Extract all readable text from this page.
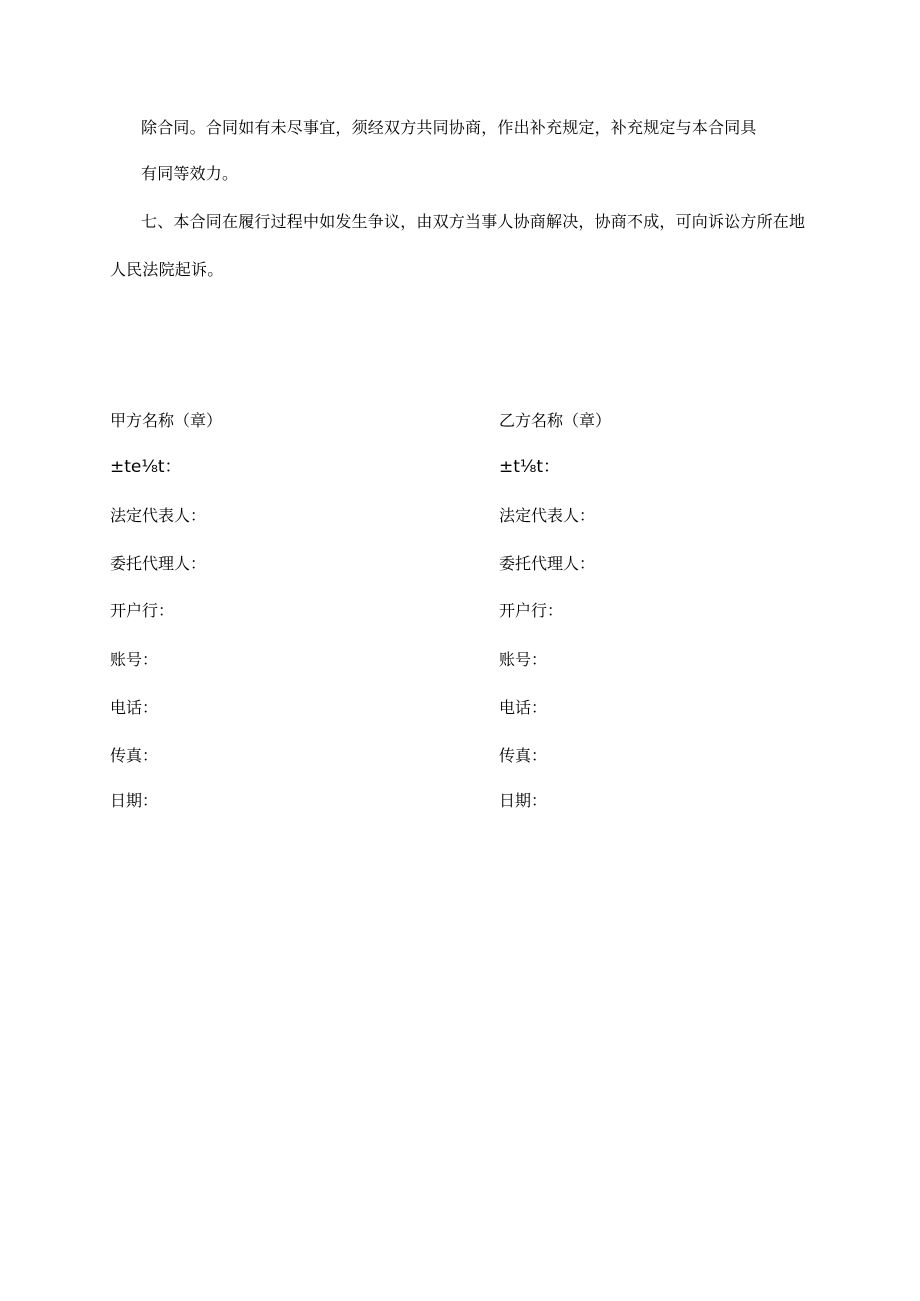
除合同。合同如有未尽事宜，须经双方共同协商，作出补充规定，补充规定与本合同具
有同等效力。
七、本合同在履行过程中如发生争议，由双方当事人协商解决，协商不成，可向诉讼方所在地
人民法院起诉。
甲方名称（章）
±te⅛t：
法定代表人：
委托代理人：
开户行：
账号：
电话：
传真：
日期：
乙方名称（章）
±t⅛t：
法定代表人：
委托代理人：
开户行：
账号：
电话：
传真：
日期：
